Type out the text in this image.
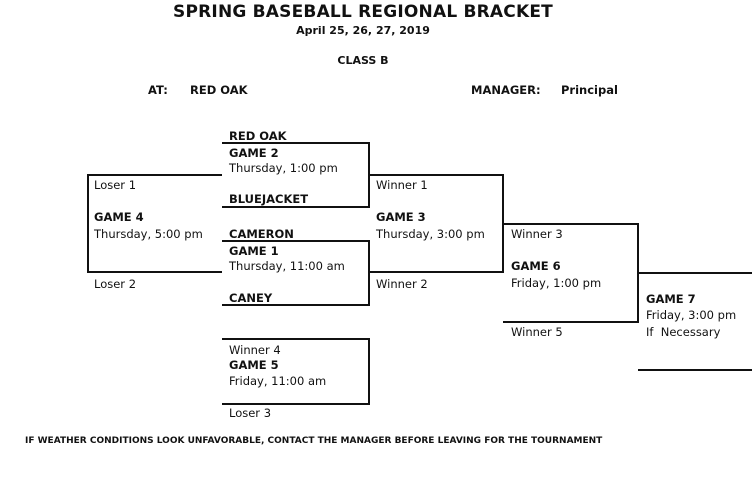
SPRING BASEBALL REGIONAL BRACKET
April 25, 26, 27, 2019
CLASS B
AT: RED OAK	MANAGER: Principal
RED OAK
GAME 2
Thursday, 1:00 pm
BLUEJACKET
CAMERON
GAME 1
Thursday, 11:00 am
CANEY
Loser 1
GAME 4
Thursday, 5:00 pm
Loser 2
Winner 1
GAME 3
Thursday, 3:00 pm
Winner 2
Winner 4
GAME 5
Friday, 11:00 am
Loser 3
Winner 3
GAME 6
Friday, 1:00 pm
Winner 5
GAME 7
Friday, 3:00 pm
If  Necessary
IF WEATHER CONDITIONS LOOK UNFAVORABLE, CONTACT THE MANAGER BEFORE LEAVING FOR THE TOURNAMENT
